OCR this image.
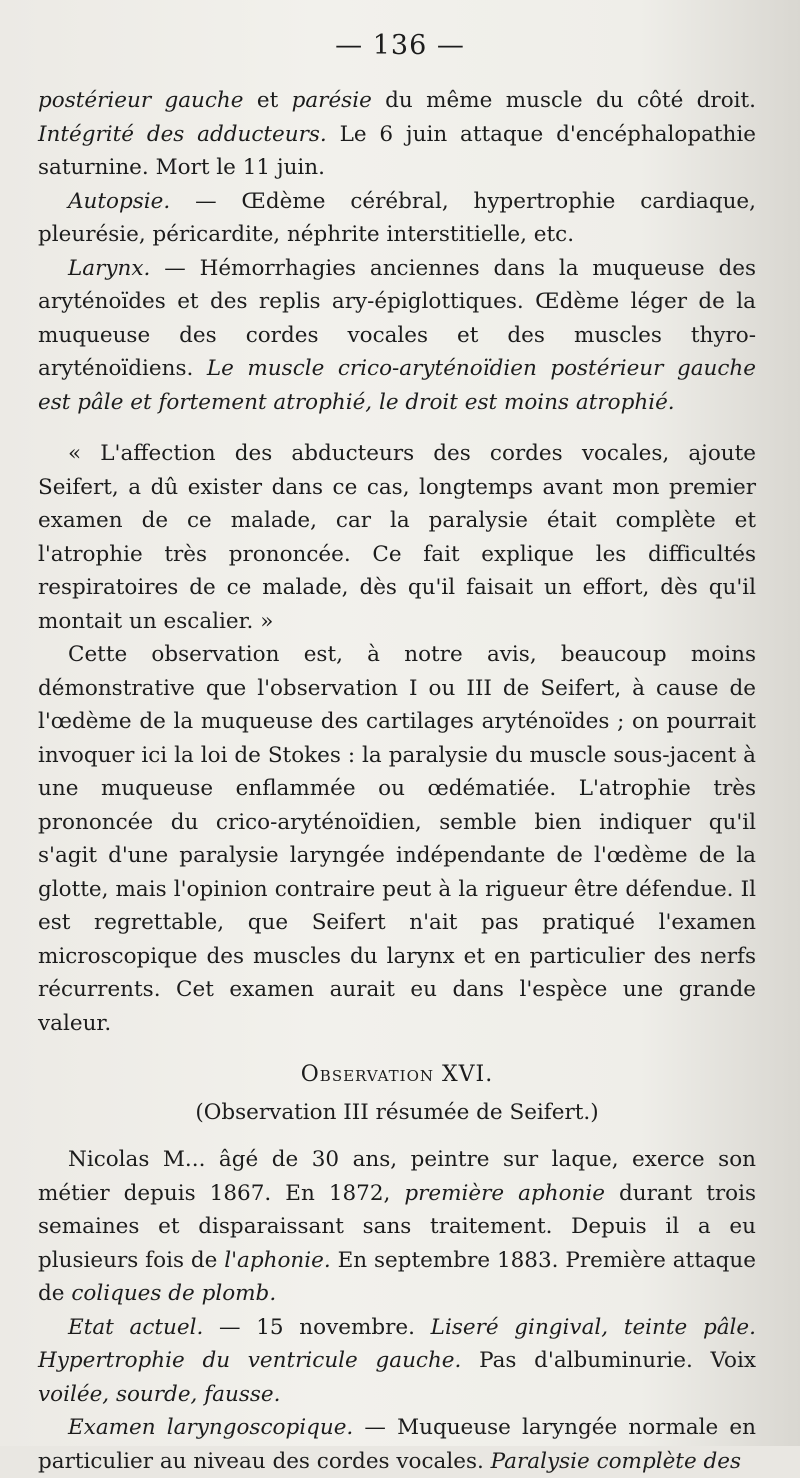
— 136 —

postérieur gauche et parésie du même muscle du côté droit. Intégrité des adducteurs. Le 6 juin attaque d'encéphalopathie saturnine. Mort le 11 juin.

Autopsie. — Œdème cérébral, hypertrophie cardiaque, pleurésie, péricardite, néphrite interstitielle, etc.

Larynx. — Hémorrhagies anciennes dans la muqueuse des aryténoïdes et des replis ary-épiglottiques. Œdème léger de la muqueuse des cordes vocales et des muscles thyro-aryténoïdiens. Le muscle crico-aryténoïdien postérieur gauche est pâle et fortement atrophié, le droit est moins atrophié.

« L'affection des abducteurs des cordes vocales, ajoute Seifert, a dû exister dans ce cas, longtemps avant mon premier examen de ce malade, car la paralysie était complète et l'atrophie très prononcée. Ce fait explique les difficultés respiratoires de ce malade, dès qu'il faisait un effort, dès qu'il montait un escalier. »

Cette observation est, à notre avis, beaucoup moins démonstrative que l'observation I ou III de Seifert, à cause de l'œdème de la muqueuse des cartilages aryténoïdes ; on pourrait invoquer ici la loi de Stokes : la paralysie du muscle sous-jacent à une muqueuse enflammée ou œdématiée. L'atrophie très prononcée du crico-aryténoïdien, semble bien indiquer qu'il s'agit d'une paralysie laryngée indépendante de l'œdème de la glotte, mais l'opinion contraire peut à la rigueur être défendue. Il est regrettable, que Seifert n'ait pas pratiqué l'examen microscopique des muscles du larynx et en particulier des nerfs récurrents. Cet examen aurait eu dans l'espèce une grande valeur.

Observation XVI.

(Observation III résumée de Seifert.)

Nicolas M... âgé de 30 ans, peintre sur laque, exerce son métier depuis 1867. En 1872, première aphonie durant trois semaines et disparaissant sans traitement. Depuis il a eu plusieurs fois de l'aphonie. En septembre 1883. Première attaque de coliques de plomb.

Etat actuel. — 15 novembre. Liseré gingival, teinte pâle. Hypertrophie du ventricule gauche. Pas d'albuminurie. Voix voilée, sourde, fausse.

Examen laryngoscopique. — Muqueuse laryngée normale en particulier au niveau des cordes vocales. Paralysie complète des
